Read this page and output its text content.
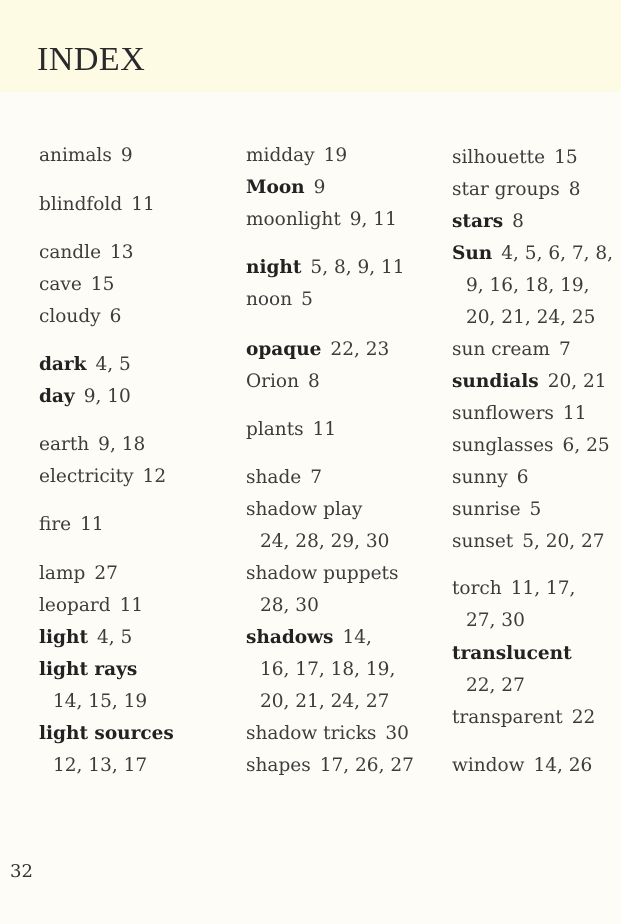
INDEX
animals 9
blindfold 11
candle 13
cave 15
cloudy 6
dark 4, 5
day 9, 10
earth 9, 18
electricity 12
fire 11
lamp 27
leopard 11
light 4, 5
light rays
14, 15, 19
light sources
12, 13, 17
midday 19
Moon 9
moonlight 9, 11
night 5, 8, 9, 11
noon 5
opaque 22, 23
Orion 8
plants 11
shade 7
shadow play
24, 28, 29, 30
shadow puppets
28, 30
shadows 14,
16, 17, 18, 19,
20, 21, 24, 27
shadow tricks 30
shapes 17, 26, 27
silhouette 15
star groups 8
stars 8
Sun 4, 5, 6, 7, 8,
9, 16, 18, 19,
20, 21, 24, 25
sun cream 7
sundials 20, 21
sunflowers 11
sunglasses 6, 25
sunny 6
sunrise 5
sunset 5, 20, 27
torch 11, 17,
27, 30
translucent
22, 27
transparent 22
window 14, 26
32
